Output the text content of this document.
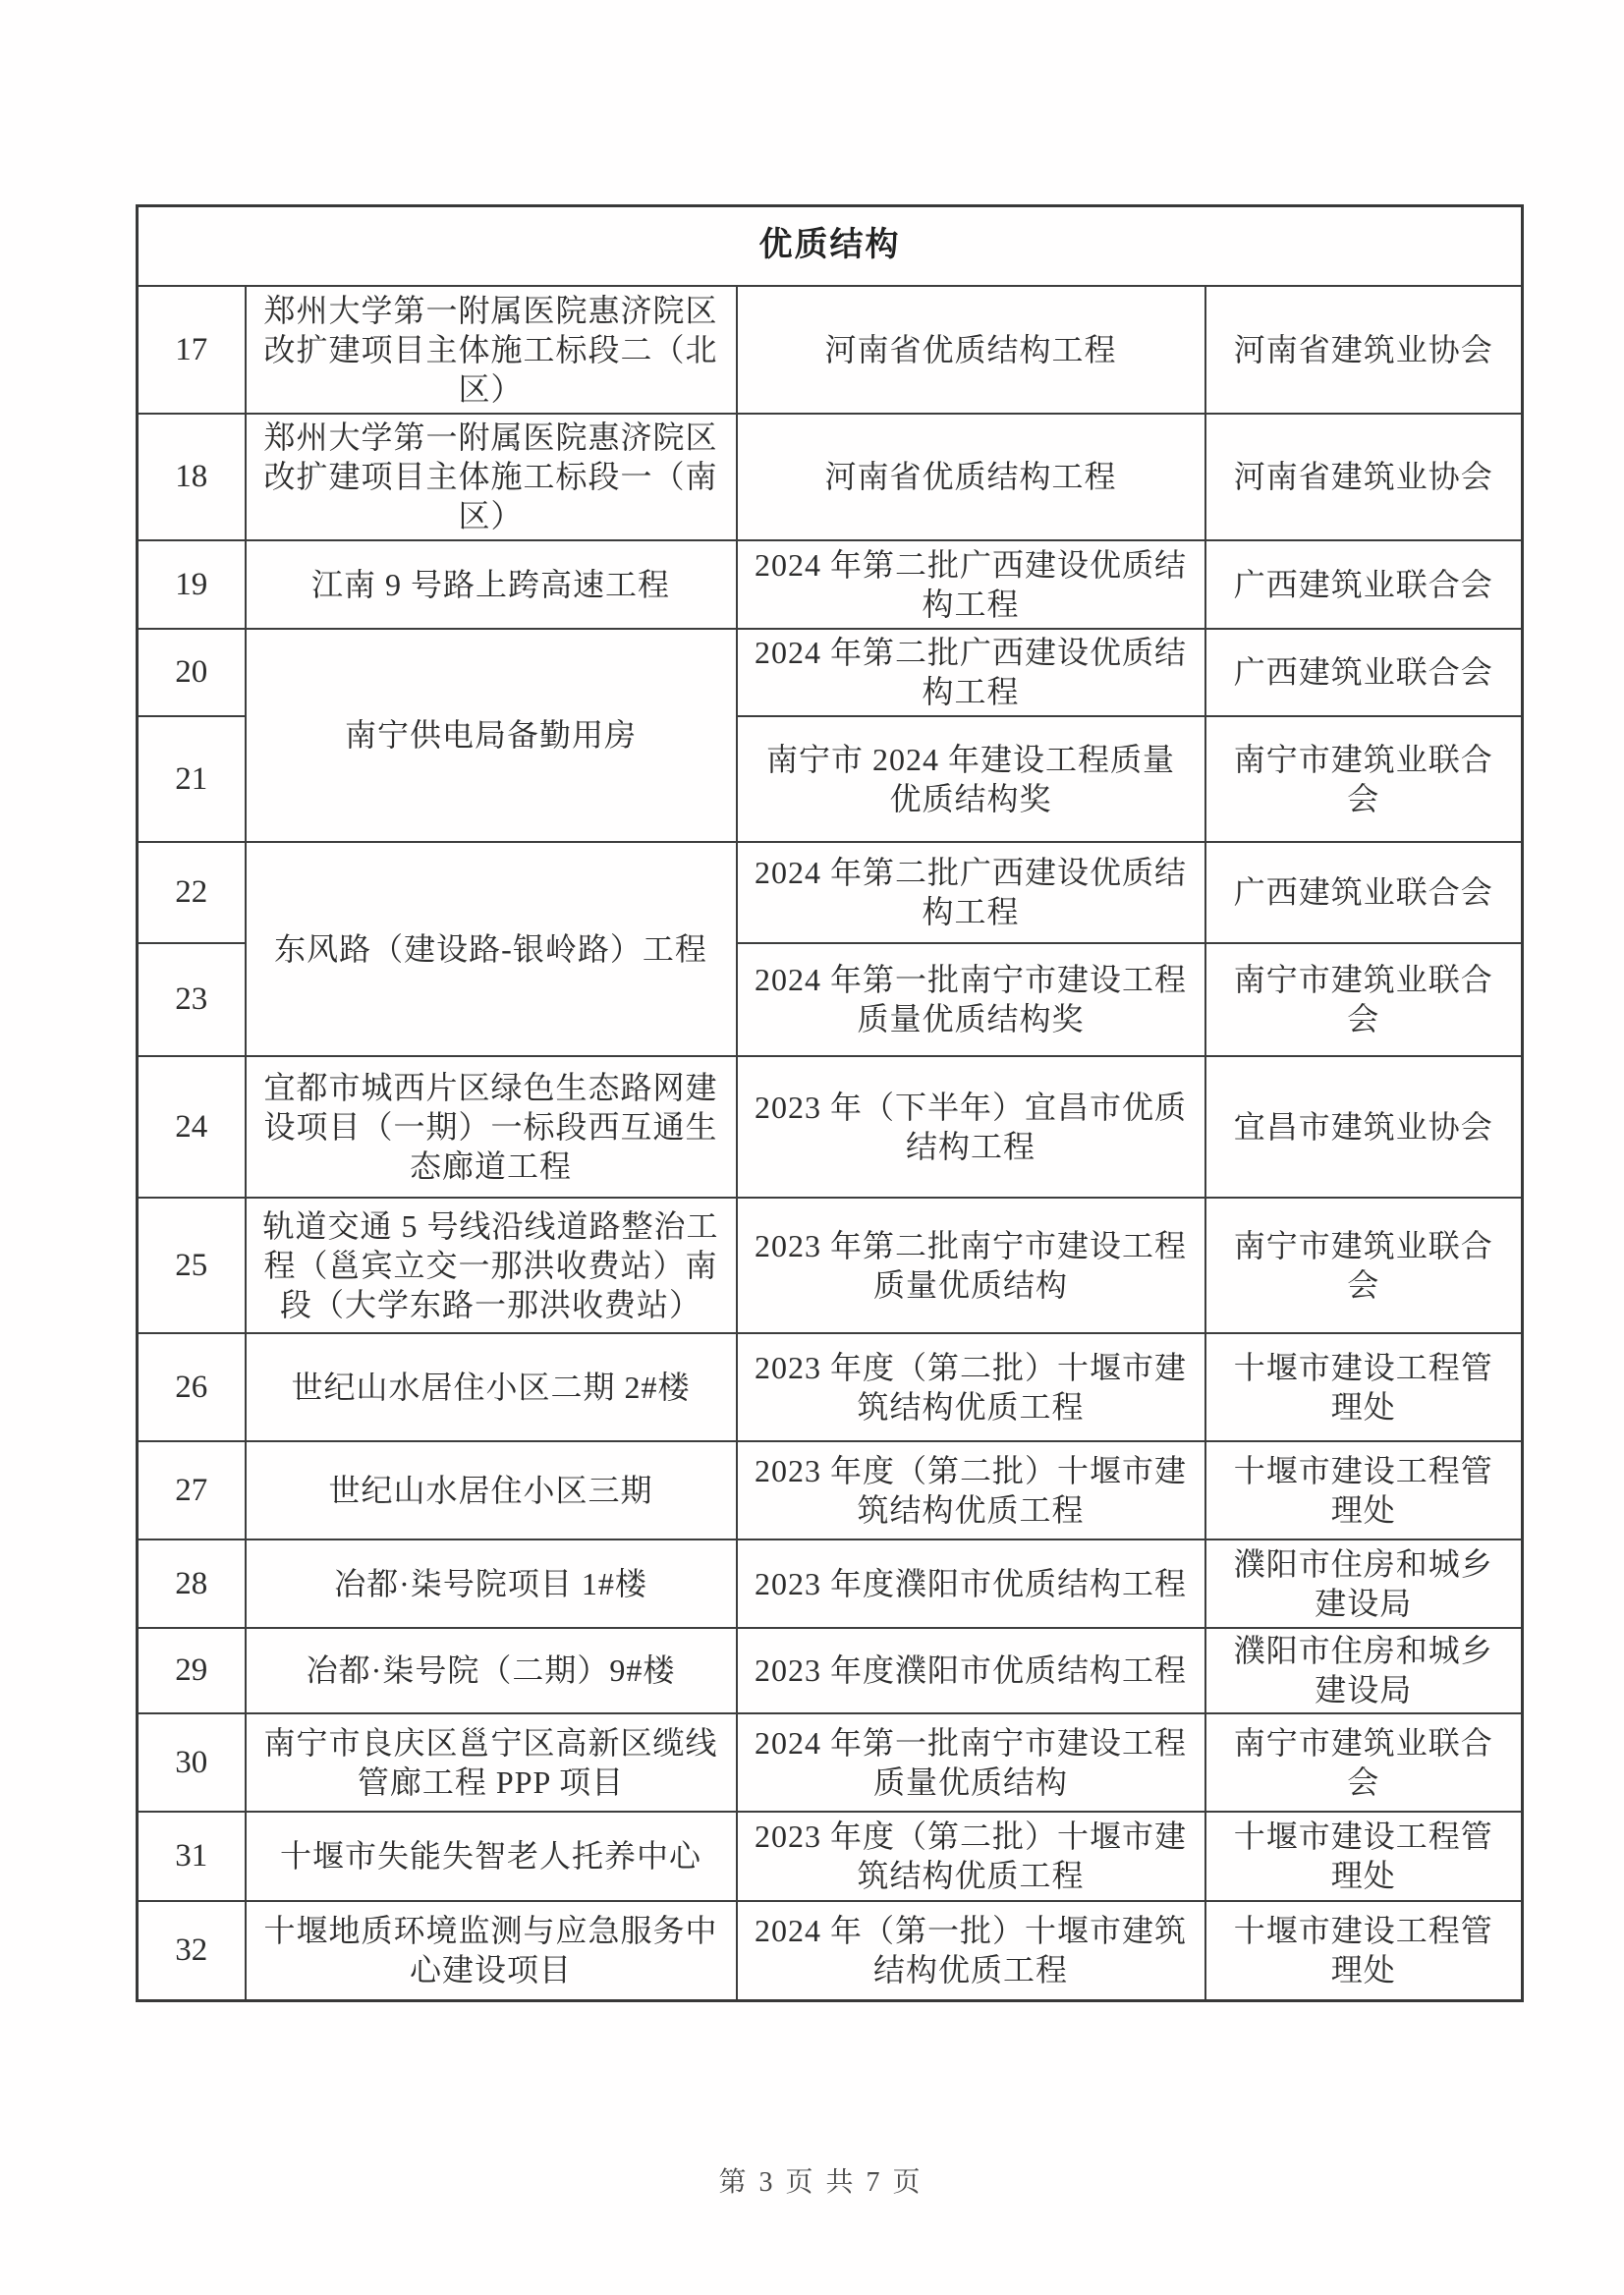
优质结构			
17	郑州大学第一附属医院惠济院区改扩建项目主体施工标段二（北区）	河南省优质结构工程	河南省建筑业协会
18	郑州大学第一附属医院惠济院区改扩建项目主体施工标段一（南区）	河南省优质结构工程	河南省建筑业协会
19	江南 9 号路上跨高速工程	2024 年第二批广西建设优质结构工程	广西建筑业联合会
20	南宁供电局备勤用房	2024 年第二批广西建设优质结构工程	广西建筑业联合会
21		南宁市 2024 年建设工程质量优质结构奖	南宁市建筑业联合会
22	东风路（建设路-银岭路）工程	2024 年第二批广西建设优质结构工程	广西建筑业联合会
23		2024 年第一批南宁市建设工程质量优质结构奖	南宁市建筑业联合会
24	宜都市城西片区绿色生态路网建设项目（一期）一标段西互通生态廊道工程	2023 年（下半年）宜昌市优质结构工程	宜昌市建筑业协会
25	轨道交通 5 号线沿线道路整治工程（邕宾立交一那洪收费站）南段（大学东路一那洪收费站）	2023 年第二批南宁市建设工程质量优质结构	南宁市建筑业联合会
26	世纪山水居住小区二期 2#楼	2023 年度（第二批）十堰市建筑结构优质工程	十堰市建设工程管理处
27	世纪山水居住小区三期	2023 年度（第二批）十堰市建筑结构优质工程	十堰市建设工程管理处
28	冶都·柒号院项目 1#楼	2023 年度濮阳市优质结构工程	濮阳市住房和城乡建设局
29	冶都·柒号院（二期）9#楼	2023 年度濮阳市优质结构工程	濮阳市住房和城乡建设局
30	南宁市良庆区邕宁区高新区缆线管廊工程 PPP 项目	2024 年第一批南宁市建设工程质量优质结构	南宁市建筑业联合会
31	十堰市失能失智老人托养中心	2023 年度（第二批）十堰市建筑结构优质工程	十堰市建设工程管理处
32	十堰地质环境监测与应急服务中心建设项目	2024 年（第一批）十堰市建筑结构优质工程	十堰市建设工程管理处
第 3 页 共 7 页
